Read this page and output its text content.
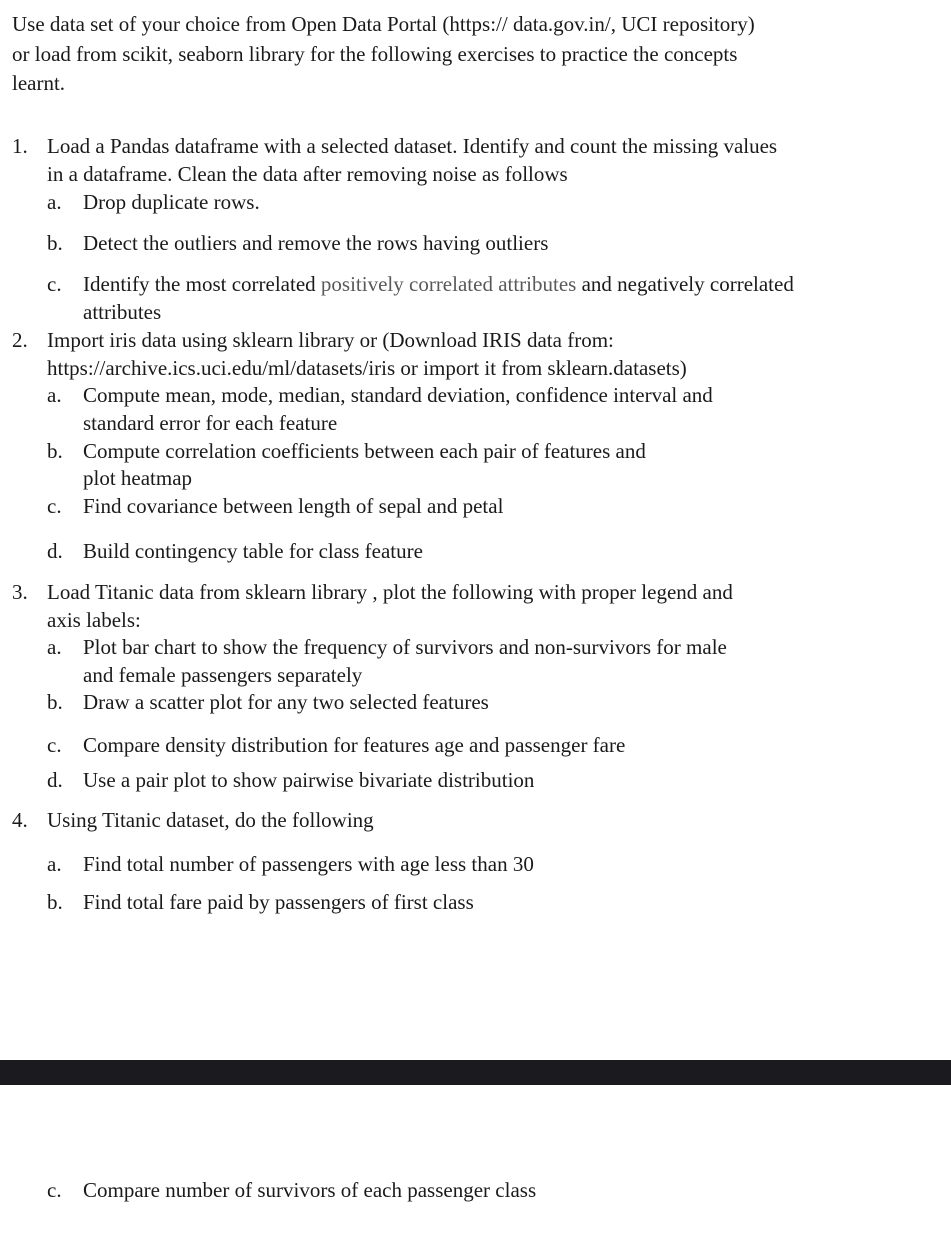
Use data set of your choice from Open Data Portal (https:// data.gov.in/, UCI repository)
or load from scikit, seaborn library for the following exercises to practice the concepts
learnt.
1. Load a Pandas dataframe with a selected dataset. Identify and count the missing values
in a dataframe. Clean the data after removing noise as follows
a. Drop duplicate rows.
b. Detect the outliers and remove the rows having outliers
c. Identify the most correlated positively correlated attributes and negatively correlated
attributes
2. Import iris data using sklearn library or (Download IRIS data from:
https://archive.ics.uci.edu/ml/datasets/iris or import it from sklearn.datasets)
a. Compute mean, mode, median, standard deviation, confidence interval and
standard error for each feature
b. Compute correlation coefficients between each pair of features and
plot heatmap
c. Find covariance between length of sepal and petal
d. Build contingency table for class feature
3. Load Titanic data from sklearn library , plot the following with proper legend and
axis labels:
a. Plot bar chart to show the frequency of survivors and non-survivors for male
and female passengers separately
b. Draw a scatter plot for any two selected features
c. Compare density distribution for features age and passenger fare
d. Use a pair plot to show pairwise bivariate distribution
4. Using Titanic dataset, do the following
a. Find total number of passengers with age less than 30
b. Find total fare paid by passengers of first class
c. Compare number of survivors of each passenger class
